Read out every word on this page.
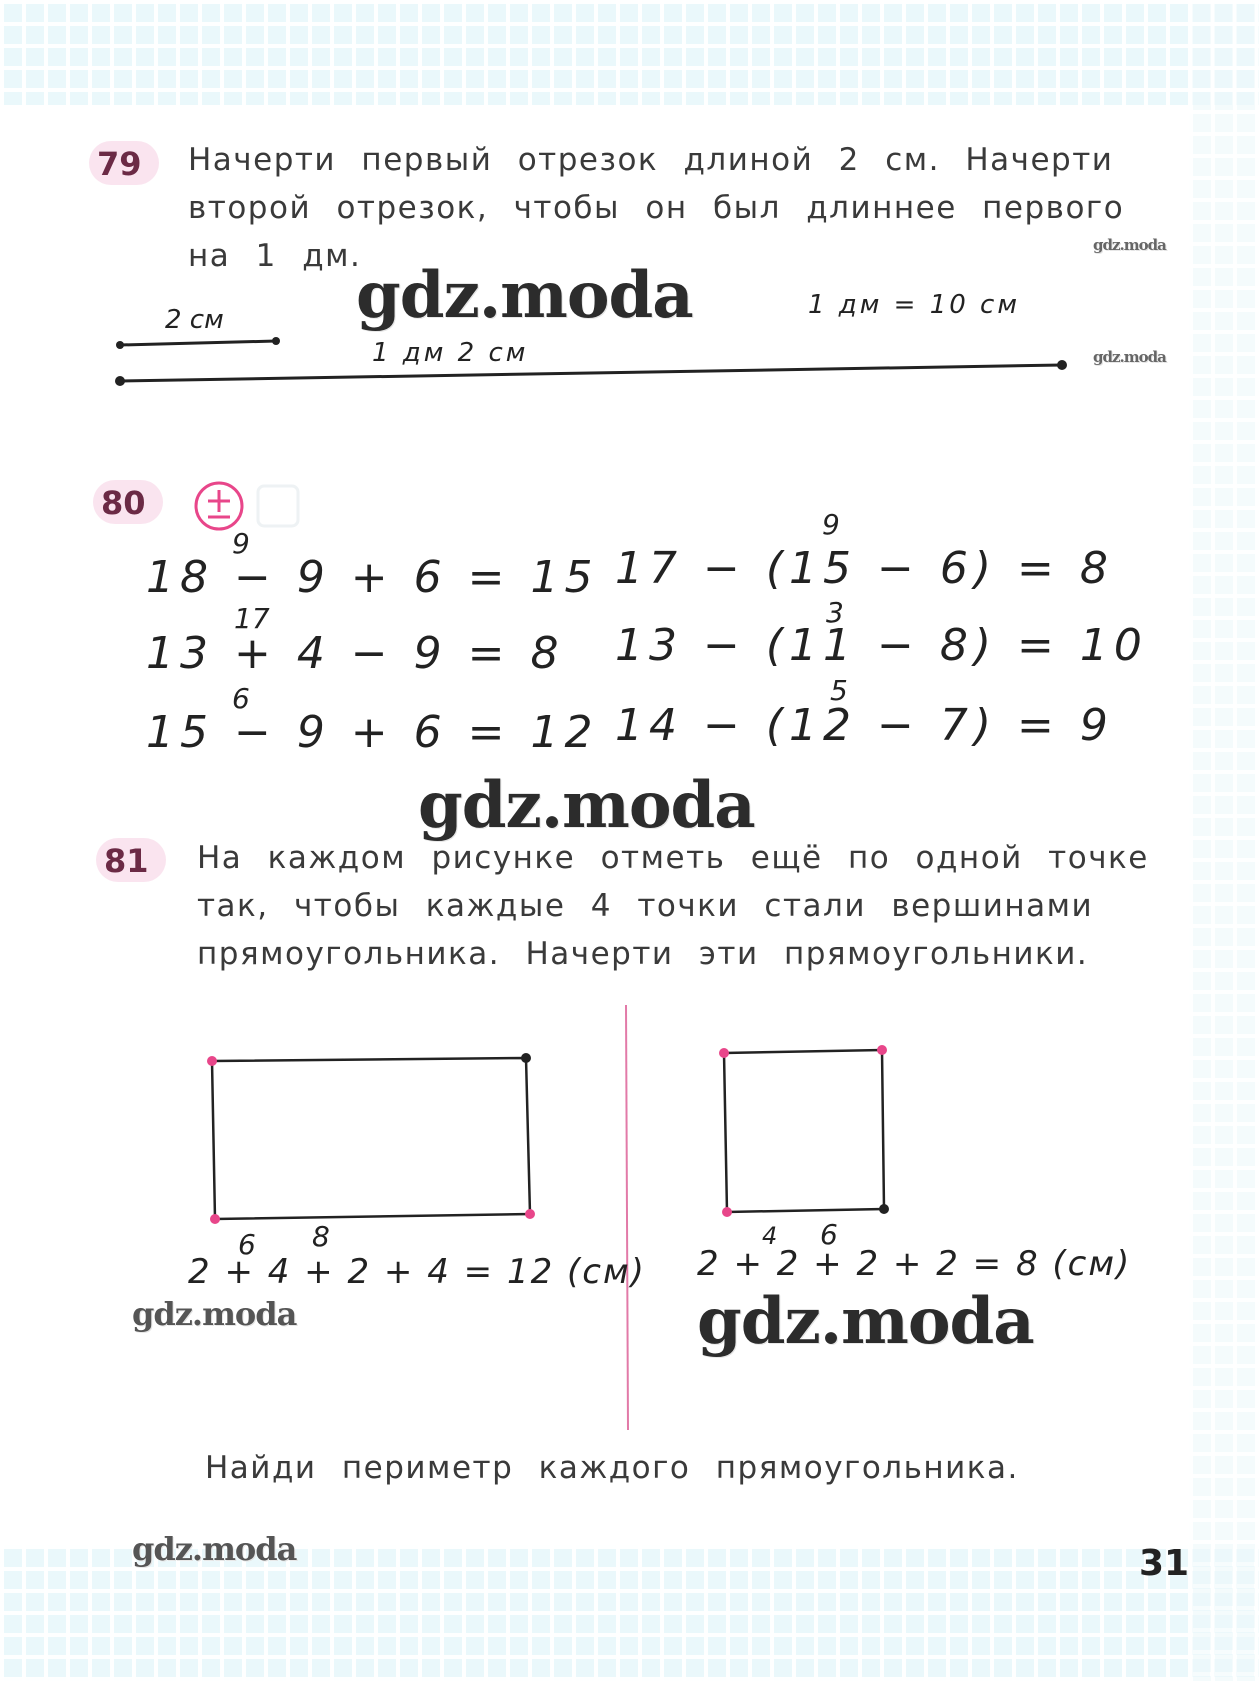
79 Начерти первый отрезок длиной 2 см. Начерти
второй отрезок, чтобы он был длиннее первого
на 1 дм.
2 см
1 дм 2 см
1 дм = 10 см
80
9
18 − 9 + 6 = 15
9
17 − (15 − 6) = 8
17
13 + 4 − 9 = 8
3
13 − (11 − 8) = 10
6
15 − 9 + 6 = 12
5
14 − (12 − 7) = 9
81 На каждом рисунке отметь ещё по одной точке
так, чтобы каждые 4 точки стали вершинами
прямоугольника. Начерти эти прямоугольники.
6 8
2 + 4 + 2 + 4 = 12 (см)
4 6
2 + 2 + 2 + 2 = 8 (см)
Найди периметр каждого прямоугольника.
gdz.moda
gdz.moda
gdz.moda
gdz.moda
gdz.moda	gdz.moda
gdz.moda	31
